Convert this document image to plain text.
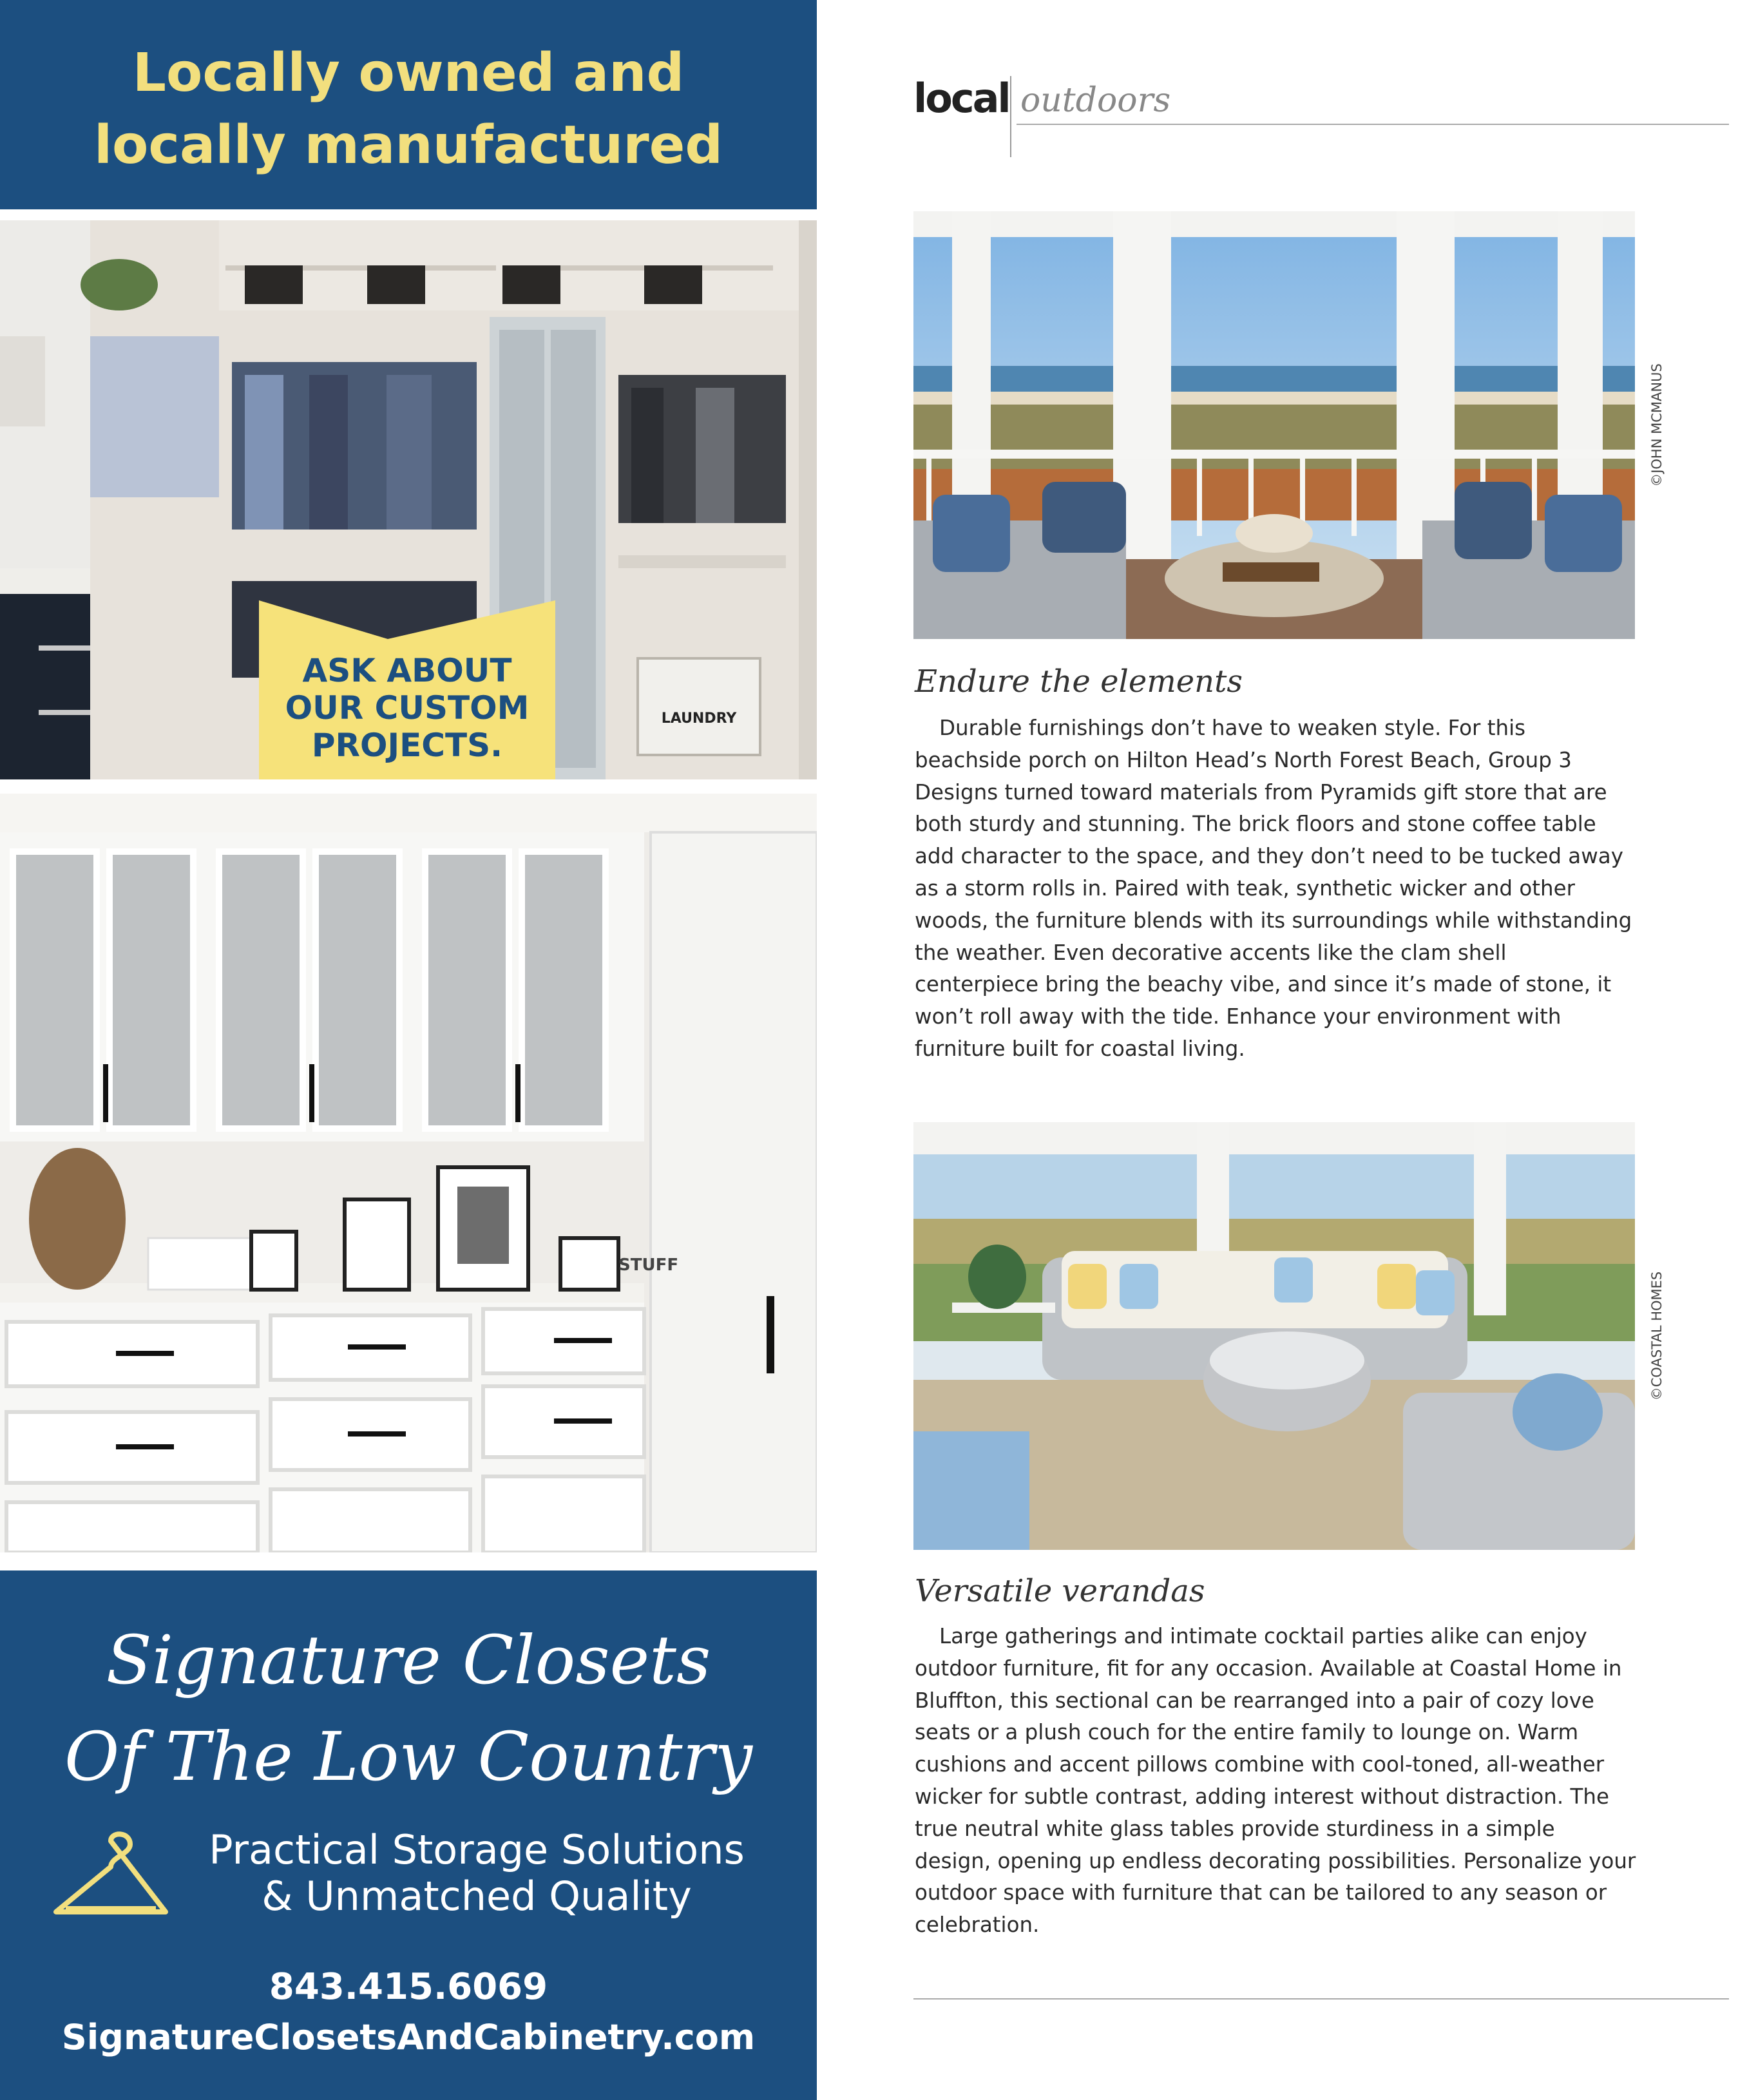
Locally owned and
locally manufactured
LAUNDRY
ASK ABOUT
OUR CUSTOM
PROJECTS.
STUFF
Signature Closets
Of The Low Country
Practical Storage Solutions
& Unmatched Quality
843.415.6069
SignatureClosetsAndCabinetry.com
local outdoors
©JOHN MCMANUS
Endure the elements

Durable furnishings don’t have to weaken style. For this beachside porch on Hilton Head’s North Forest Beach, Group 3 Designs turned toward materials from Pyramids gift store that are both sturdy and stunning. The brick floors and stone coffee table add character to the space, and they don’t need to be tucked away as a storm rolls in. Paired with teak, synthetic wicker and other woods, the furniture blends with its surroundings while withstanding the weather. Even decorative accents like the clam shell centerpiece bring the beachy vibe, and since it’s made of stone, it won’t roll away with the tide. Enhance your environment with furniture built for coastal living.

©COASTAL HOMES
Versatile verandas

Large gatherings and intimate cocktail parties alike can enjoy outdoor furniture, fit for any occasion. Available at Coastal Home in Bluffton, this sectional can be rearranged into a pair of cozy love seats or a plush couch for the entire family to lounge on. Warm cushions and accent pillows combine with cool-toned, all-weather wicker for subtle contrast, adding interest without distraction. The true neutral white glass tables provide sturdiness in a simple design, opening up endless decorating possibilities. Personalize your outdoor space with furniture that can be tailored to any season or celebration.
